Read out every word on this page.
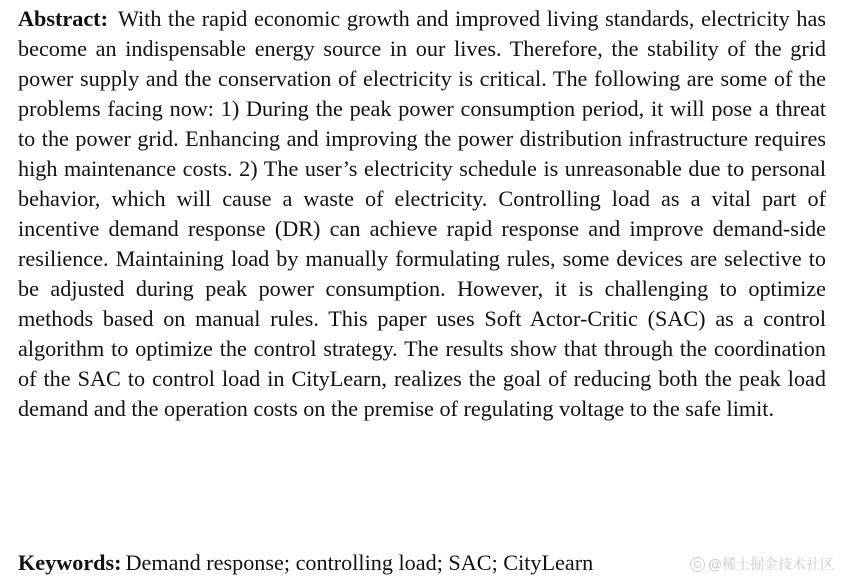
Abstract: With the rapid economic growth and improved living standards, electricity has become an indispensable energy source in our lives. Therefore, the stability of the grid power supply and the conservation of electricity is critical. The following are some of the problems facing now: 1) During the peak power consumption period, it will pose a threat to the power grid. Enhancing and improving the power distribution infrastructure requires high maintenance costs. 2) The user’s electricity schedule is unreasonable due to personal behavior, which will cause a waste of electricity. Controlling load as a vital part of incentive demand response (DR) can achieve rapid response and improve demand-side resilience. Maintaining load by manually formulating rules, some devices are selective to be adjusted during peak power consumption. However, it is challenging to optimize methods based on manual rules. This paper uses Soft Actor-Critic (SAC) as a control algorithm to optimize the control strategy. The results show that through the coordination of the SAC to control load in CityLearn, realizes the goal of reducing both the peak load demand and the operation costs on the premise of regulating voltage to the safe limit.

Keywords: Demand response; controlling load; SAC; CityLearn	@稀土掘金技术社区
